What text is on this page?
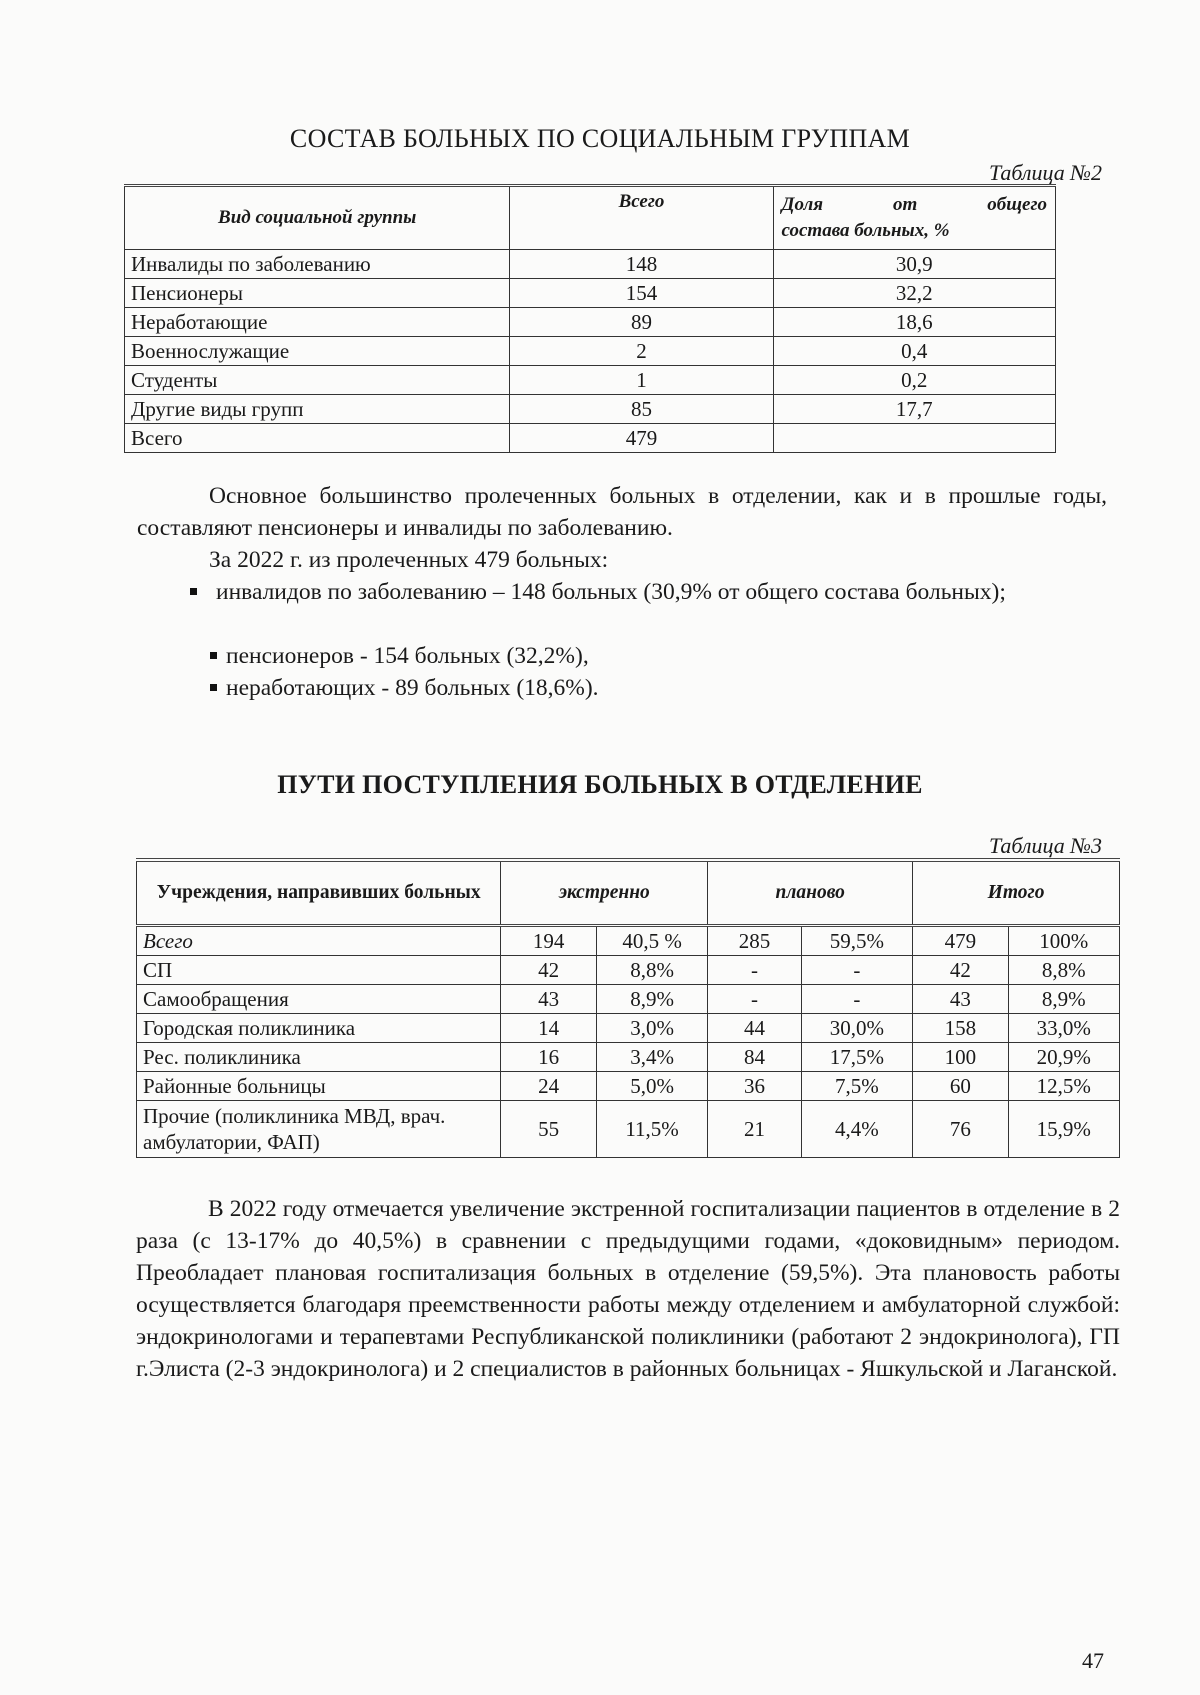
СОСТАВ БОЛЬНЫХ ПО СОЦИАЛЬНЫМ ГРУППАМ
Таблица №2
Вид социальной группы	Всего	Доля от общего
состава больных, %

Инвалиды по заболеванию	148	30,9
Пенсионеры	154	32,2
Неработающие	89	18,6
Военнослужащие	2	0,4
Студенты	1	0,2
Другие виды групп	85	17,7
Всего	479	
Основное большинство пролеченных больных в отделении, как и в прошлые годы, составляют пенсионеры и инвалиды по заболеванию.
За 2022 г. из пролеченных 479 больных:
инвалидов по заболеванию – 148 больных (30,9% от общего состава больных);
пенсионеров - 154 больных (32,2%),
неработающих - 89 больных (18,6%).
ПУТИ ПОСТУПЛЕНИЯ БОЛЬНЫХ В ОТДЕЛЕНИЕ
Таблица №3
Учреждения, направивших больных	экстренно		планово		Итого	
Всего	194	40,5 %	285	59,5%	479	100%
СП	42	8,8%	-	-	42	8,8%
Самообращения	43	8,9%	-	-	43	8,9%
Городская поликлиника	14	3,0%	44	30,0%	158	33,0%
Рес. поликлиника	16	3,4%	84	17,5%	100	20,9%
Районные больницы	24	5,0%	36	7,5%	60	12,5%
Прочие (поликлиника МВД, врач. амбулатории, ФАП)	55	11,5%	21	4,4%	76	15,9%
В 2022 году отмечается увеличение экстренной госпитализации пациентов в отделение в 2 раза (с 13-17% до 40,5%) в сравнении с предыдущими годами, «доковидным» периодом. Преобладает плановая госпитализация больных в отделение (59,5%). Эта плановость работы осуществляется благодаря преемственности работы между отделением и амбулаторной службой: эндокринологами и терапевтами Республиканской поликлиники (работают 2 эндокринолога), ГП г.Элиста (2-3 эндокринолога) и 2 специалистов в районных больницах - Яшкульской и Лаганской.
47
